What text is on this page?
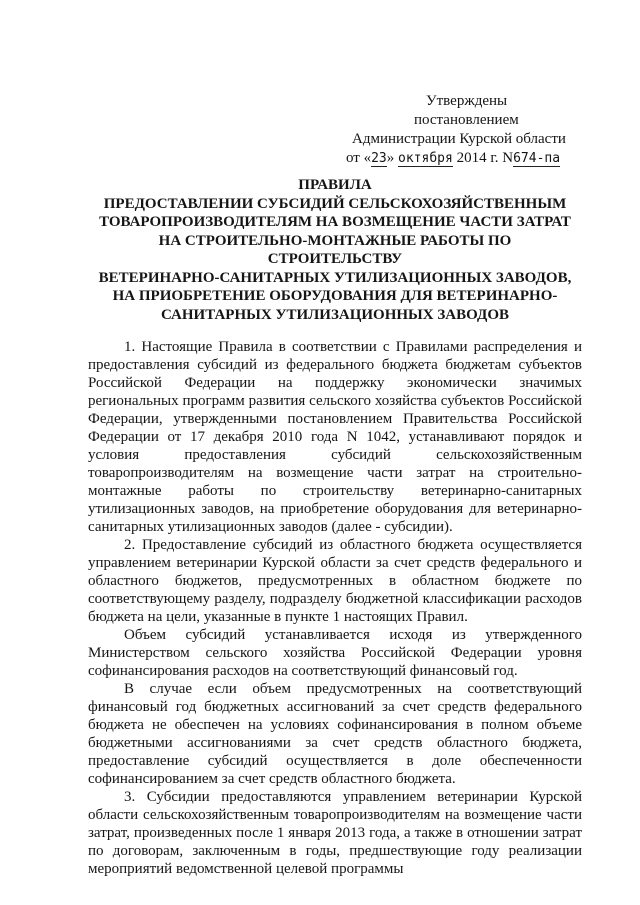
Утверждены
постановлением
Администрации Курской области
от «23» октября 2014 г. N674-па
ПРАВИЛА
ПРЕДОСТАВЛЕНИИ СУБСИДИЙ СЕЛЬСКОХОЗЯЙСТВЕННЫМ
ТОВАРОПРОИЗВОДИТЕЛЯМ НА ВОЗМЕЩЕНИЕ ЧАСТИ ЗАТРАТ
НА СТРОИТЕЛЬНО-МОНТАЖНЫЕ РАБОТЫ ПО
СТРОИТЕЛЬСТВУ
ВЕТЕРИНАРНО-САНИТАРНЫХ УТИЛИЗАЦИОННЫХ ЗАВОДОВ,
НА ПРИОБРЕТЕНИЕ ОБОРУДОВАНИЯ ДЛЯ ВЕТЕРИНАРНО-
САНИТАРНЫХ УТИЛИЗАЦИОННЫХ ЗАВОДОВ

1. Настоящие Правила в соответствии с Правилами распределения и предоставления субсидий из федерального бюджета бюджетам субъектов Российской Федерации на поддержку экономически значимых региональных программ развития сельского хозяйства субъектов Российской Федерации, утвержденными постановлением Правительства Российской Федерации от 17 декабря 2010 года N 1042, устанавливают порядок и условия предоставления субсидий сельскохозяйственным товаропроизводителям на возмещение части затрат на строительно-монтажные работы по строительству ветеринарно-санитарных утилизационных заводов, на приобретение оборудования для ветеринарно-санитарных утилизационных заводов (далее - субсидии).

2. Предоставление субсидий из областного бюджета осуществляется управлением ветеринарии Курской области за счет средств федерального и областного бюджетов, предусмотренных в областном бюджете по соответствующему разделу, подразделу бюджетной классификации расходов бюджета на цели, указанные в пункте 1 настоящих Правил.

Объем субсидий устанавливается исходя из утвержденного Министерством сельского хозяйства Российской Федерации уровня софинансирования расходов на соответствующий финансовый год.

В случае если объем предусмотренных на соответствующий финансовый год бюджетных ассигнований за счет средств федерального бюджета не обеспечен на условиях софинансирования в полном объеме бюджетными ассигнованиями за счет средств областного бюджета, предоставление субсидий осуществляется в доле обеспеченности софинансированием за счет средств областного бюджета.

3. Субсидии предоставляются управлением ветеринарии Курской области сельскохозяйственным товаропроизводителям на возмещение части затрат, произведенных после 1 января 2013 года, а также в отношении затрат по договорам, заключенным в годы, предшествующие году реализации мероприятий ведомственной целевой программы
